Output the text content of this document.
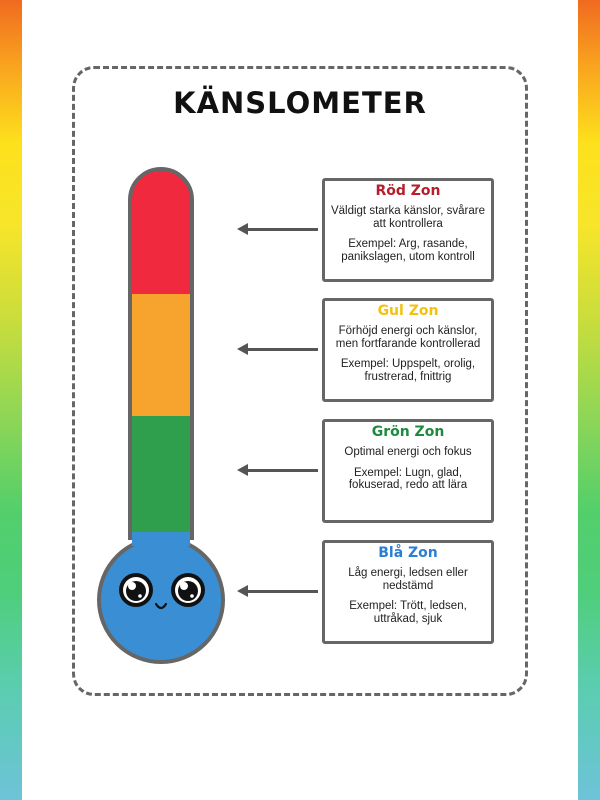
KÄNSLOMETER
Röd Zon
Väldigt starka känslor, svårare att kontrollera
Exempel: Arg, rasande, panikslagen, utom kontroll
Gul Zon
Förhöjd energi och känslor, men fortfarande kontrollerad
Exempel: Uppspelt, orolig, frustrerad, fnittrig
Grön Zon
Optimal energi och fokus
Exempel: Lugn, glad, fokuserad, redo att lära
Blå Zon
Låg energi, ledsen eller nedstämd
Exempel: Trött, ledsen, uttråkad, sjuk
